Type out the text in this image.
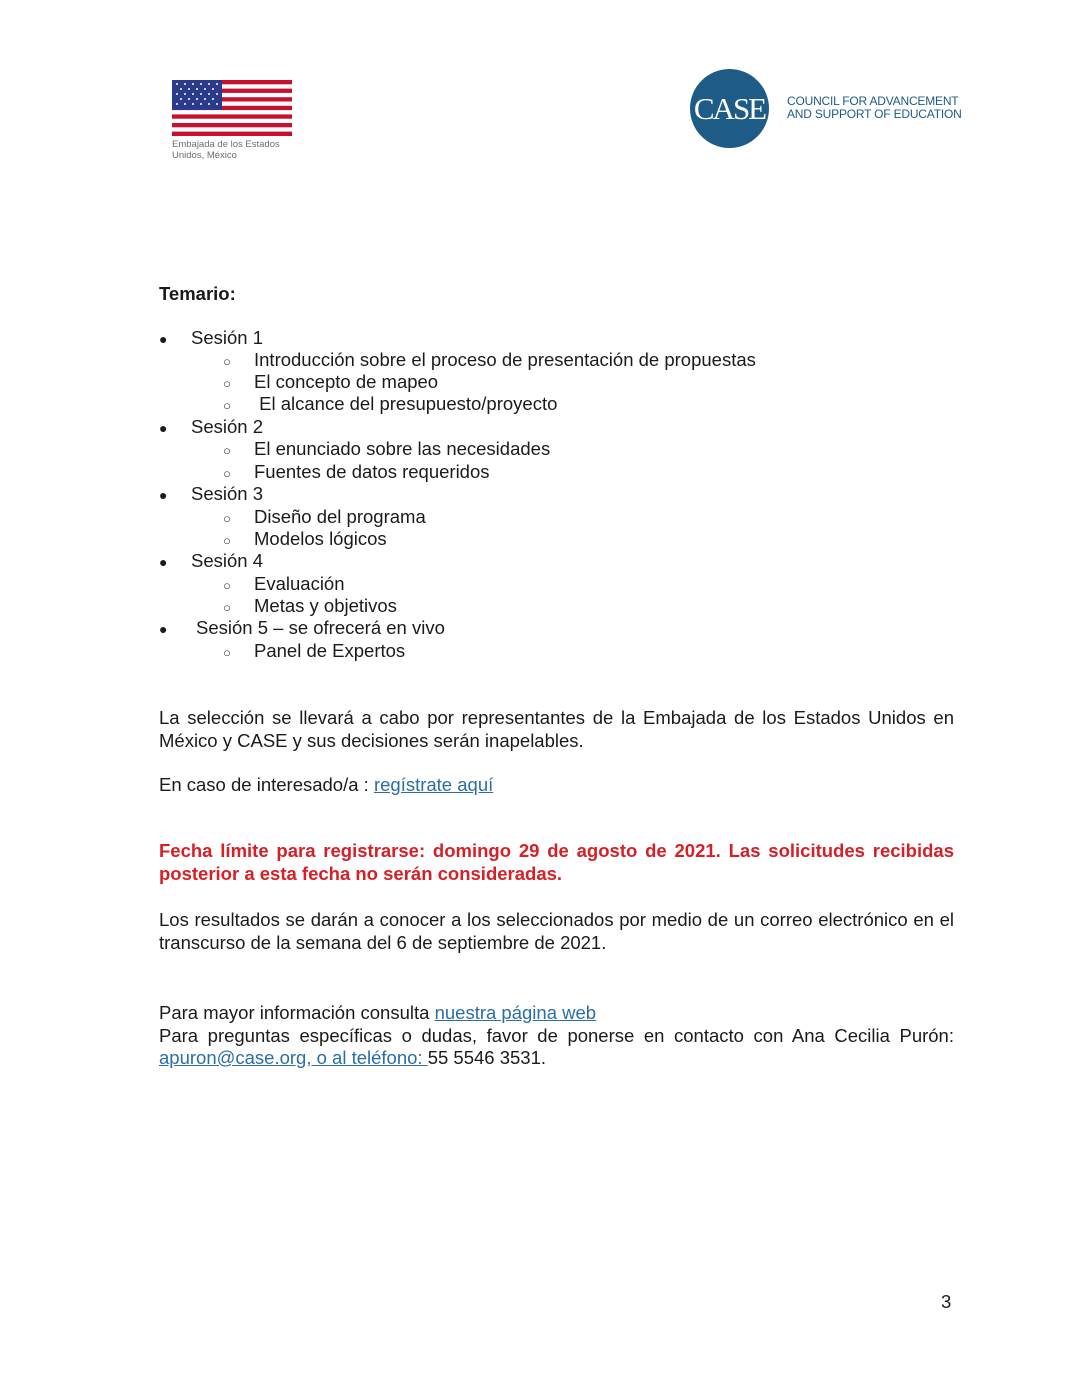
Embajada de los Estados
Unidos, México
CASE COUNCIL FOR ADVANCEMENT
AND SUPPORT OF EDUCATION
Temario:
● Sesión 1
○ Introducción sobre el proceso de presentación de propuestas
○ El concepto de mapeo
○ El alcance del presupuesto/proyecto
● Sesión 2
○ El enunciado sobre las necesidades
○ Fuentes de datos requeridos
● Sesión 3
○ Diseño del programa
○ Modelos lógicos
● Sesión 4
○ Evaluación
○ Metas y objetivos
● Sesión 5 – se ofrecerá en vivo
○ Panel de Expertos
La selección se llevará a cabo por representantes de la Embajada de los Estados Unidos en México y CASE y sus decisiones serán inapelables.
En caso de interesado/a : regístrate aquí
Fecha límite para registrarse: domingo 29 de agosto de 2021. Las solicitudes recibidas posterior a esta fecha no serán consideradas.
Los resultados se darán a conocer a los seleccionados por medio de un correo electrónico en el transcurso de la semana del 6 de septiembre de 2021.
Para mayor información consulta nuestra página web
Para preguntas específicas o dudas, favor de ponerse en contacto con Ana Cecilia Purón: apuron@case.org, o al teléfono: 55 5546 3531.
3
